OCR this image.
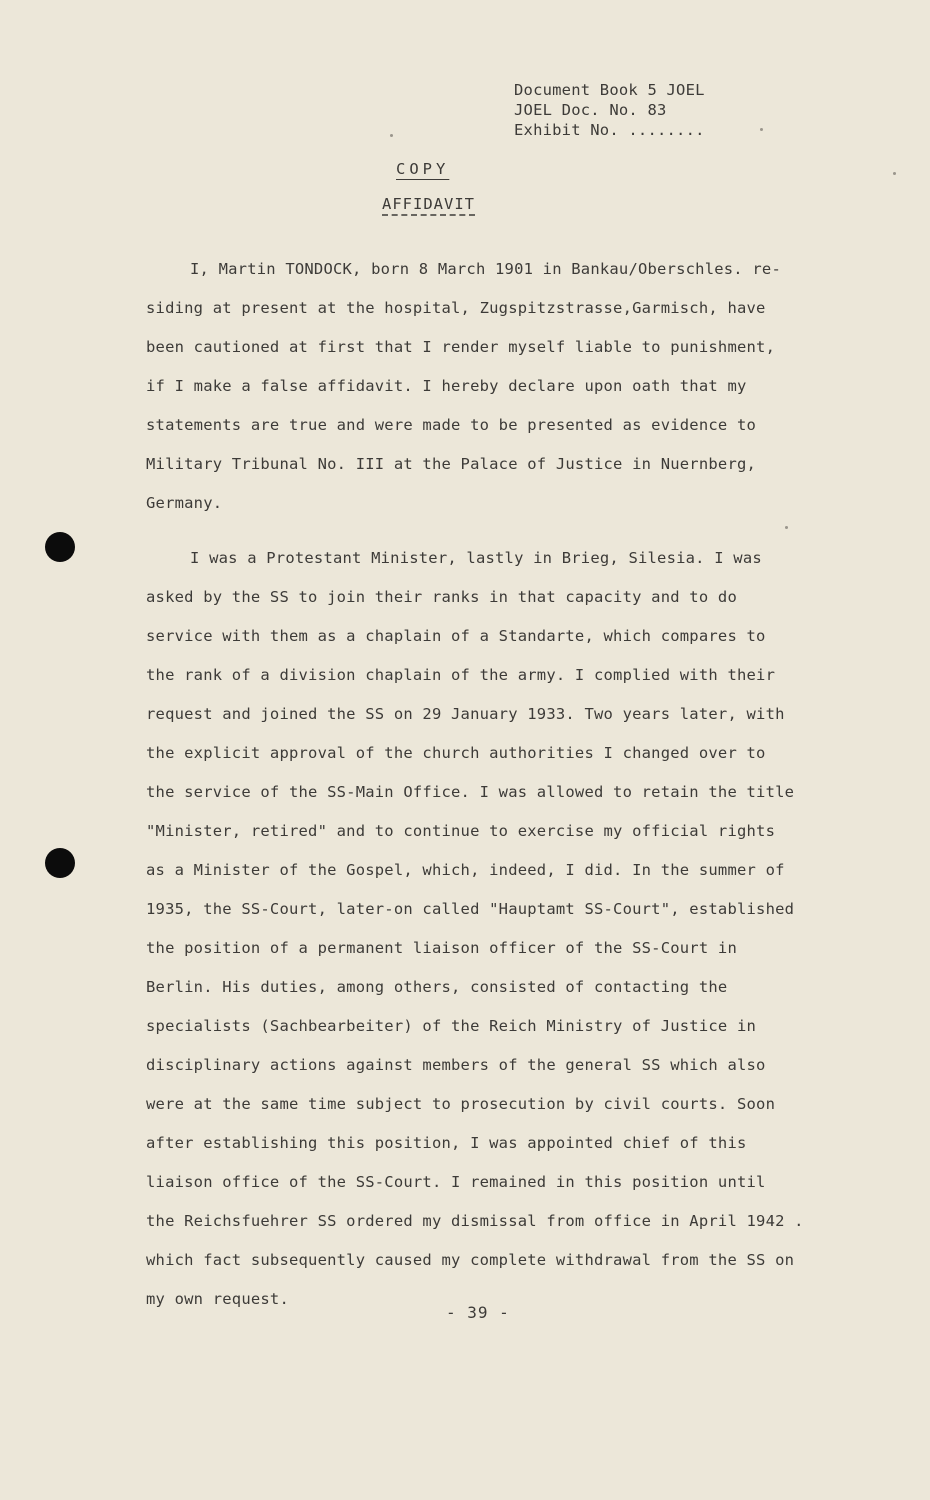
Document Book 5 JOEL
JOEL Doc. No. 83
Exhibit No. ........
COPY
AFFIDAVIT
I, Martin TONDOCK, born 8 March 1901 in Bankau/Oberschles. re-
siding at present at the hospital, Zugspitzstrasse,Garmisch, have
been cautioned at first that I render myself liable to punishment,
if I make a false affidavit. I hereby declare upon oath that my
statements are true and were made to be presented as evidence to
Military Tribunal No. III at the Palace of Justice in Nuernberg,
Germany.
I was a Protestant Minister, lastly in Brieg, Silesia. I was
asked by the SS to join their ranks in that capacity and to do
service with them as a chaplain of a Standarte, which compares to
the rank of a division chaplain of the army. I complied with their
request and joined the SS on 29 January 1933. Two years later, with
the explicit approval of the church authorities I changed over to
the service of the SS-Main Office. I was allowed to retain the title
"Minister, retired" and to continue to exercise my official rights
as a Minister of the Gospel, which, indeed, I did. In the summer of
1935, the SS-Court, later-on called "Hauptamt SS-Court", established
the position of a permanent liaison officer of the SS-Court in
Berlin. His duties, among others, consisted of contacting the
specialists (Sachbearbeiter) of the Reich Ministry of Justice in
disciplinary actions against members of the general SS which also
were at the same time subject to prosecution by civil courts. Soon
after establishing this position, I was appointed chief of this
liaison office of the SS-Court. I remained in this position until
the Reichsfuehrer SS ordered my dismissal from office in April 1942 .
which fact subsequently caused my complete withdrawal from the SS on
my own request.
- 39 -
